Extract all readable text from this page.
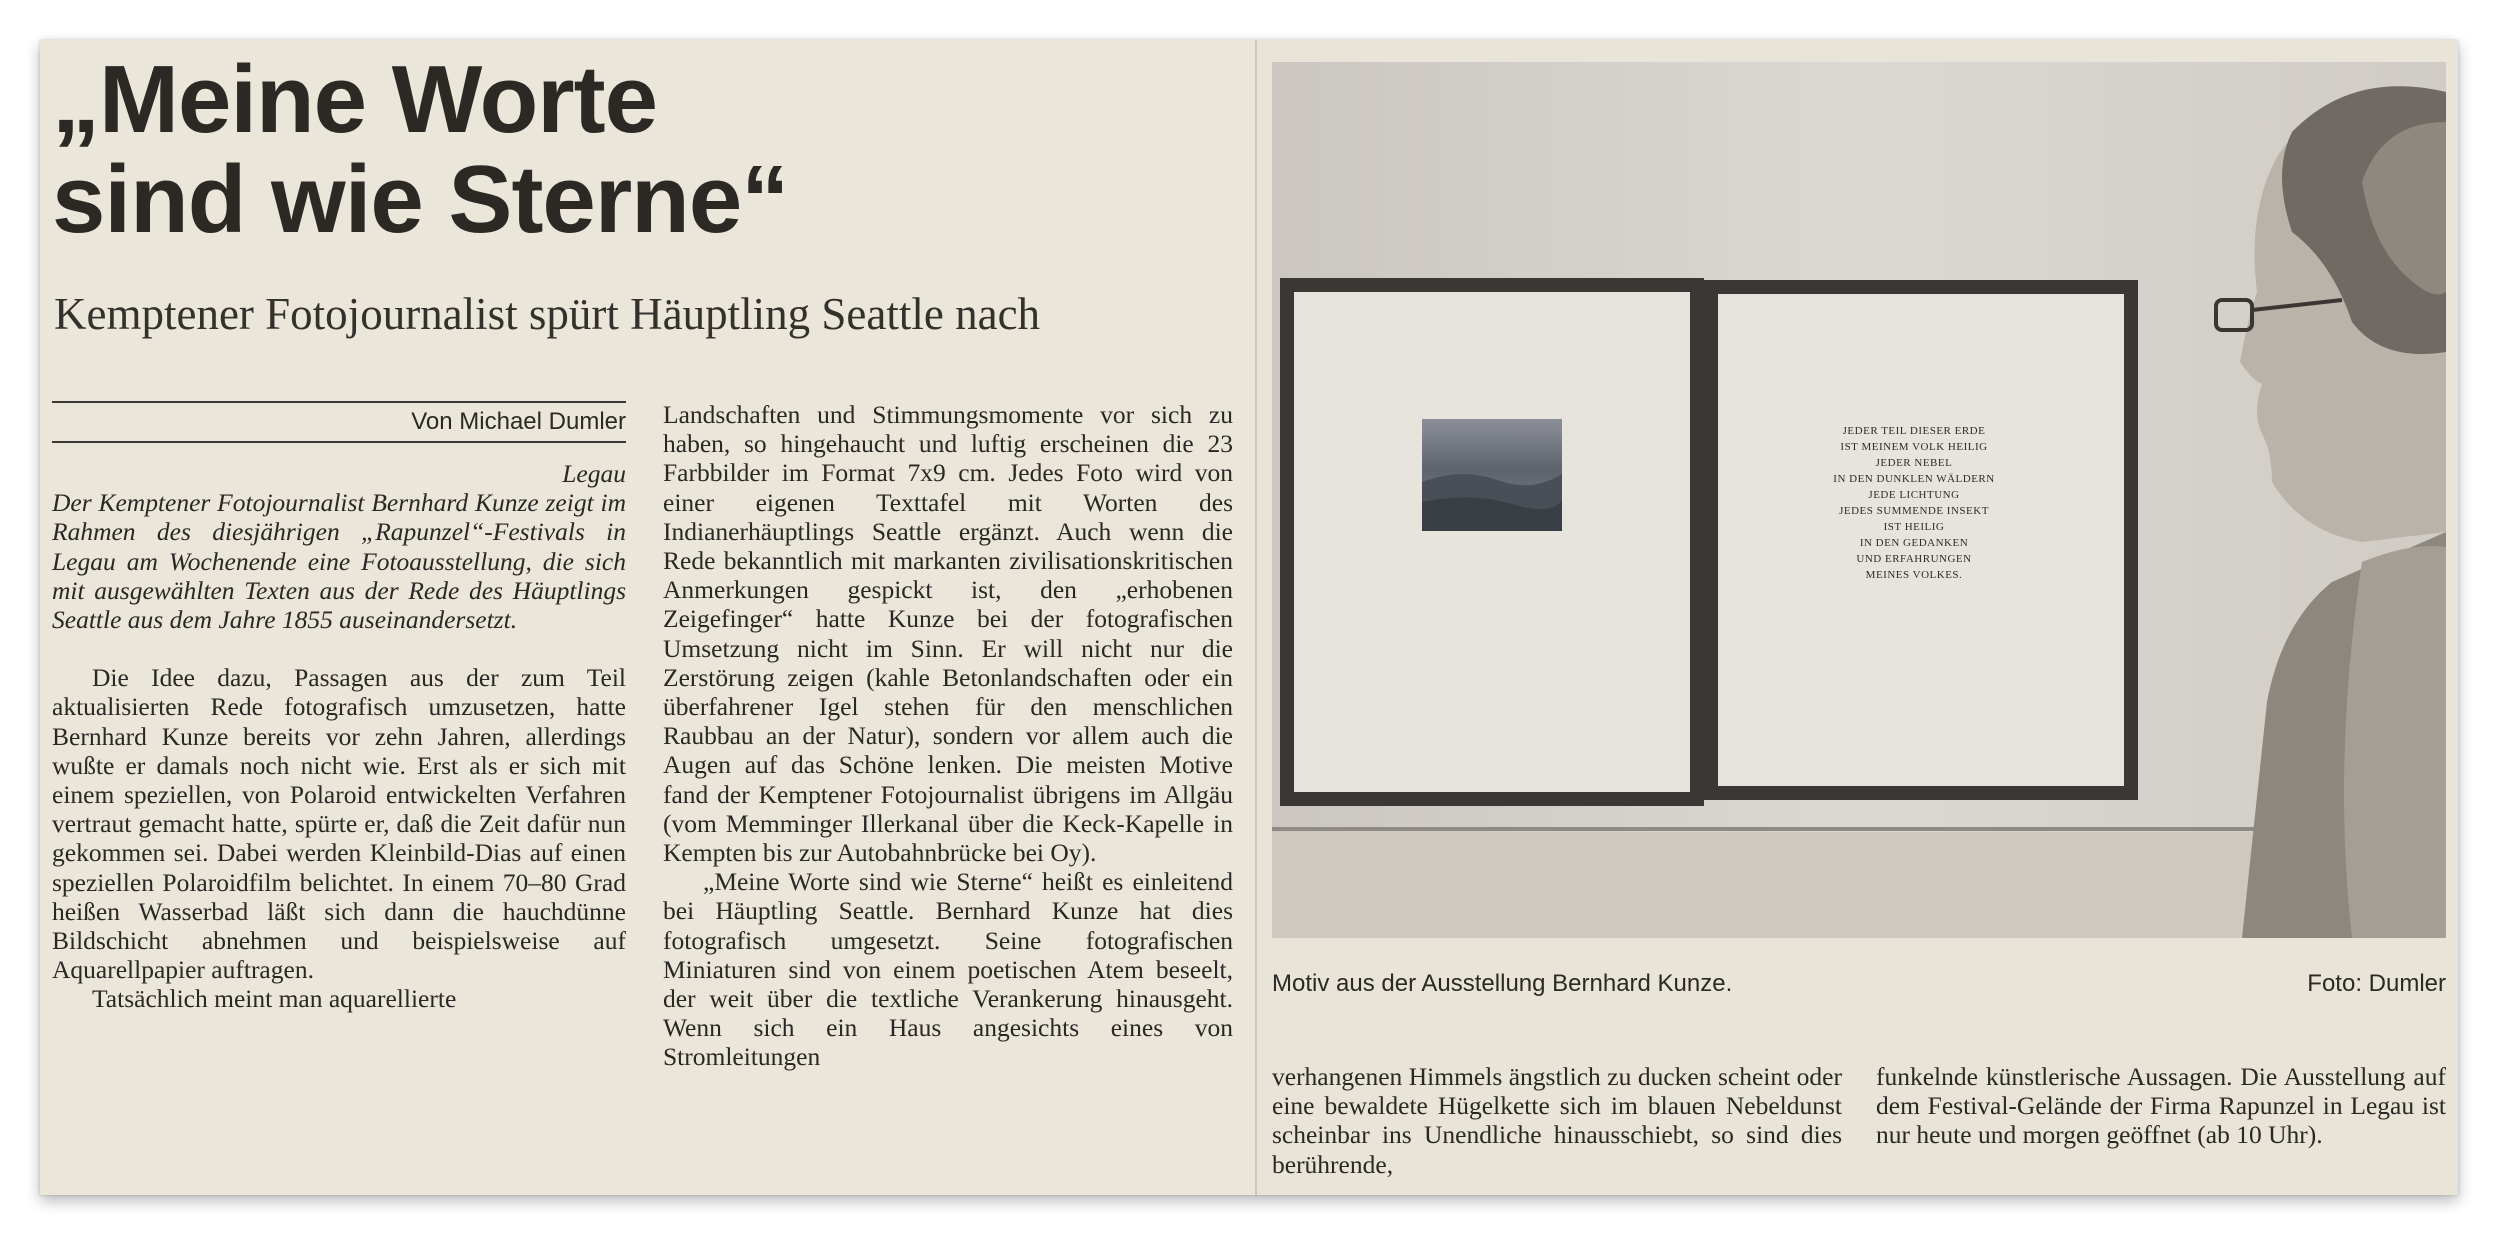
„Meine Worte
sind wie Sterne“
Kemptener Fotojournalist spürt Häuptling Seattle nach
Von Michael Dumler

Legau

Der Kemptener Fotojournalist Bernhard Kunze zeigt im Rahmen des diesjährigen „Rapunzel“-Festivals in Legau am Wochenende eine Fotoausstellung, die sich mit ausgewählten Texten aus der Rede des Häuptlings Seattle aus dem Jahre 1855 auseinandersetzt.

Die Idee dazu, Passagen aus der zum Teil aktualisierten Rede fotografisch umzusetzen, hatte Bernhard Kunze bereits vor zehn Jahren, allerdings wußte er damals noch nicht wie. Erst als er sich mit einem speziellen, von Polaroid entwickelten Verfahren vertraut gemacht hatte, spürte er, daß die Zeit dafür nun gekommen sei. Dabei werden Kleinbild-Dias auf einen speziellen Polaroidfilm belichtet. In einem 70–80 Grad heißen Wasserbad läßt sich dann die hauchdünne Bildschicht abnehmen und beispielsweise auf Aquarellpapier auftragen.

Tatsächlich meint man aquarellierte

Landschaften und Stimmungsmomente vor sich zu haben, so hingehaucht und luftig erscheinen die 23 Farbbilder im Format 7x9 cm. Jedes Foto wird von einer eigenen Texttafel mit Worten des Indianerhäuptlings Seattle ergänzt. Auch wenn die Rede bekanntlich mit markanten zivilisationskritischen Anmerkungen gespickt ist, den „erhobenen Zeigefinger“ hatte Kunze bei der fotografischen Umsetzung nicht im Sinn. Er will nicht nur die Zerstörung zeigen (kahle Betonlandschaften oder ein überfahrener Igel stehen für den menschlichen Raubbau an der Natur), sondern vor allem auch die Augen auf das Schöne lenken. Die meisten Motive fand der Kemptener Fotojournalist übrigens im Allgäu (vom Memminger Illerkanal über die Keck-Kapelle in Kempten bis zur Autobahnbrücke bei Oy).

„Meine Worte sind wie Sterne“ heißt es einleitend bei Häuptling Seattle. Bernhard Kunze hat dies fotografisch umgesetzt. Seine fotografischen Miniaturen sind von einem poetischen Atem beseelt, der weit über die textliche Verankerung hinausgeht. Wenn sich ein Haus angesichts eines von Stromleitungen

JEDER TEIL DIESER ERDE
IST MEINEM VOLK HEILIG
JEDER NEBEL
IN DEN DUNKLEN WÄLDERN
JEDE LICHTUNG
JEDES SUMMENDE INSEKT
IST HEILIG
IN DEN GEDANKEN
UND ERFAHRUNGEN
MEINES VOLKES.
Motiv aus der Ausstellung Bernhard Kunze.	Foto: Dumler

verhangenen Himmels ängstlich zu ducken scheint oder eine bewaldete Hügelkette sich im blauen Nebeldunst scheinbar ins Unendliche hinausschiebt, so sind dies berührende,

funkelnde künstlerische Aussagen. Die Ausstellung auf dem Festival-Gelände der Firma Rapunzel in Legau ist nur heute und morgen geöffnet (ab 10 Uhr).
